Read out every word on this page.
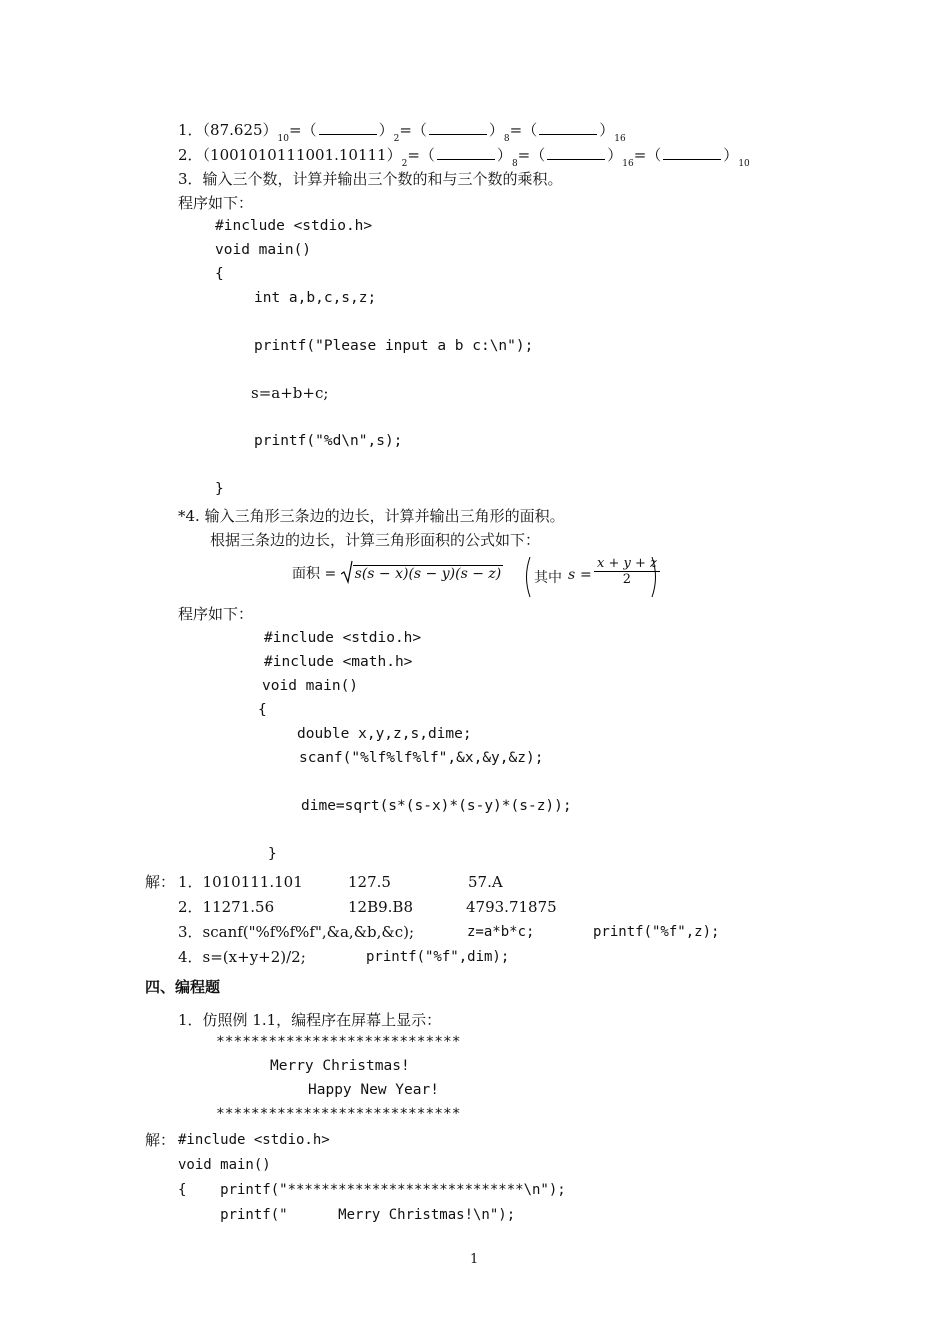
1．$(87.625)_{10}=$（	）$_2=$（	）$_8=$（	）$_{16}$
2．$(1001010111001.10111)_2=$（	）$_8=$（	）$_{16}=$（	）$_{10}$
3．输入三个数，计算并输出三个数的和与三个数的乘积。
程序如下：
#include <stdio.h>
void main()
{
int a,b,c,s,z;
printf("Please input a b c:\n");
s=a+b+c;
printf("%d\n",s);
}
*4. 输入三角形三条边的边长，计算并输出三角形的面积。
根据三条边的边长，计算三角形面积的公式如下：
面积 = s(s − x)(s − y)(s − z) 其中 $s = \frac{x + y + z}{2}$
程序如下：
#include <stdio.h>
#include <math.h>
void main()
{
double x,y,z,s,dime;
scanf("%lf%lf%lf",&x,&y,&z);
dime=sqrt(s*(s-x)*(s-y)*(s-z));
}
解： 1．1010111.101	127.5	57.A
2．11271.56	12B9.B8	4793.71875
3．scanf("%f%f%f",&a,&b,&c);	z=a*b*c;	printf("%f",z);
4．s=(x+y+2)/2;	printf("%f",dim);
四、编程题
1．仿照例 1.1，编程序在屏幕上显示：
****************************
Merry Christmas!
Happy New Year!
****************************
解： #include <stdio.h>
void main()
{    printf("****************************\n");
printf("      Merry Christmas!\n");
1
